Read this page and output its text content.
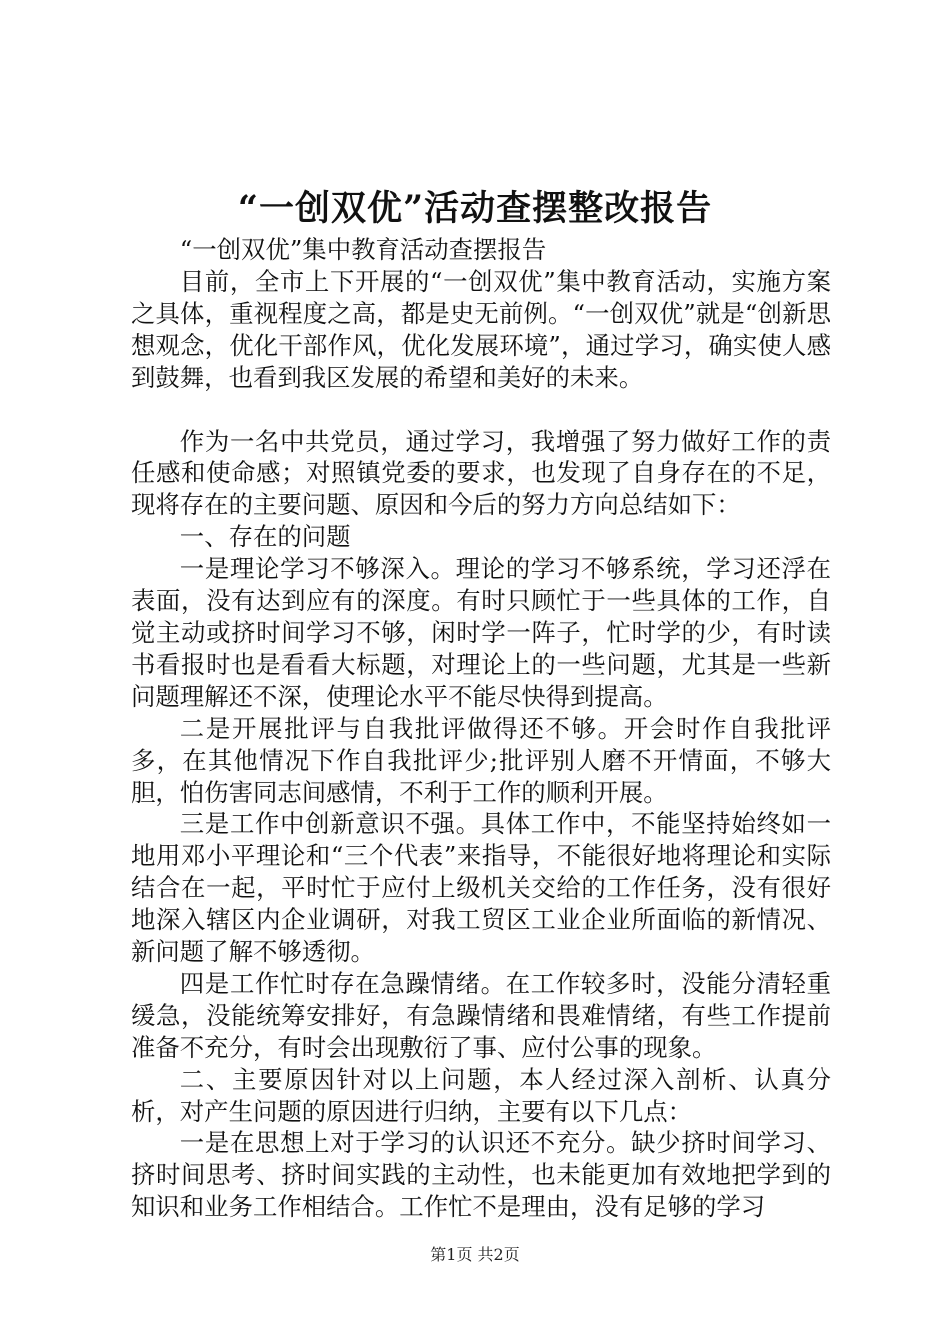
“一创双优”活动查摆整改报告

“一创双优”集中教育活动查摆报告

目前，全市上下开展的“一创双优”集中教育活动，实施方案之具体，重视程度之高，都是史无前例。“一创双优”就是“创新思想观念，优化干部作风，优化发展环境”，通过学习，确实使人感到鼓舞，也看到我区发展的希望和美好的未来。

作为一名中共党员，通过学习，我增强了努力做好工作的责任感和使命感；对照镇党委的要求，也发现了自身存在的不足，现将存在的主要问题、原因和今后的努力方向总结如下：

一、存在的问题

一是理论学习不够深入。理论的学习不够系统，学习还浮在表面，没有达到应有的深度。有时只顾忙于一些具体的工作，自觉主动或挤时间学习不够，闲时学一阵子，忙时学的少，有时读书看报时也是看看大标题，对理论上的一些问题，尤其是一些新问题理解还不深，使理论水平不能尽快得到提高。

二是开展批评与自我批评做得还不够。开会时作自我批评多，在其他情况下作自我批评少;批评别人磨不开情面，不够大胆，怕伤害同志间感情，不利于工作的顺利开展。

三是工作中创新意识不强。具体工作中，不能坚持始终如一地用邓小平理论和“三个代表”来指导，不能很好地将理论和实际结合在一起，平时忙于应付上级机关交给的工作任务，没有很好地深入辖区内企业调研，对我工贸区工业企业所面临的新情况、新问题了解不够透彻。

四是工作忙时存在急躁情绪。在工作较多时，没能分清轻重缓急，没能统筹安排好，有急躁情绪和畏难情绪，有些工作提前准备不充分，有时会出现敷衍了事、应付公事的现象。

二、主要原因针对以上问题，本人经过深入剖析、认真分析，对产生问题的原因进行归纳，主要有以下几点：

一是在思想上对于学习的认识还不充分。缺少挤时间学习、挤时间思考、挤时间实践的主动性，也未能更加有效地把学到的知识和业务工作相结合。工作忙不是理由，没有足够的学习

第1页 共2页
